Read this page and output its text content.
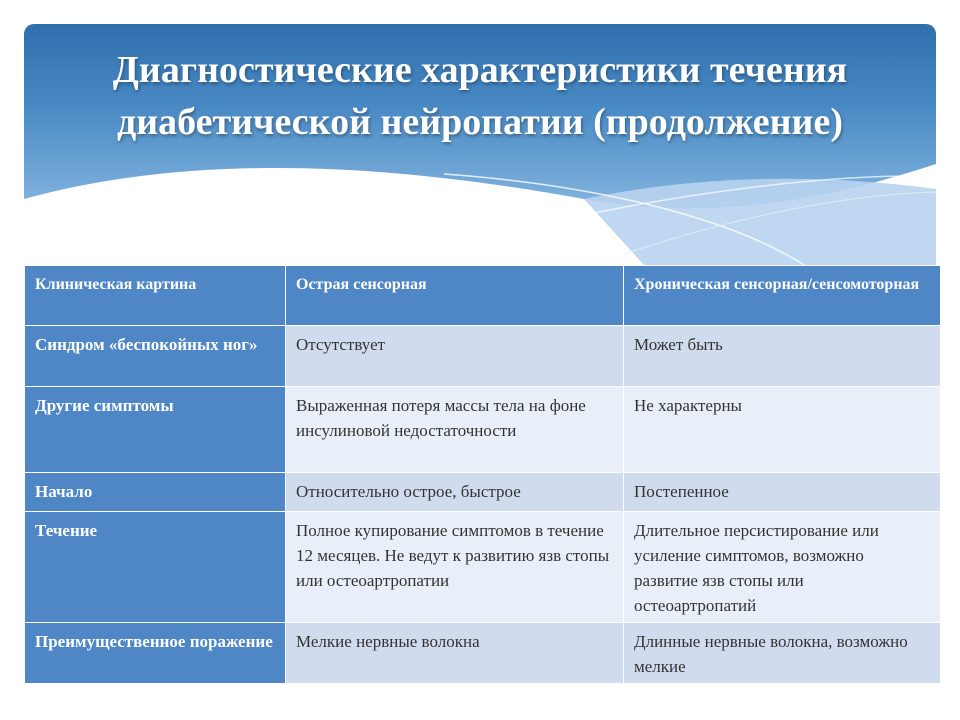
Диагностические характеристики течения
диабетической нейропатии (продолжение)
Клиническая картина	Острая сенсорная	Хроническая сенсорная/сенсомоторная
Синдром «беспокойных ног»	Отсутствует	Может быть
Другие симптомы	Выраженная потеря массы тела на фоне инсулиновой недостаточности	Не характерны
Начало	Относительно острое, быстрое	Постепенное
Течение	Полное купирование симптомов в течение 12 месяцев. Не ведут к развитию язв стопы или остеоартропатии	Длительное персистирование или усиление симптомов, возможно развитие язв стопы или остеоартропатий
Преимущественное поражение	Мелкие нервные волокна	Длинные нервные волокна, возможно мелкие
